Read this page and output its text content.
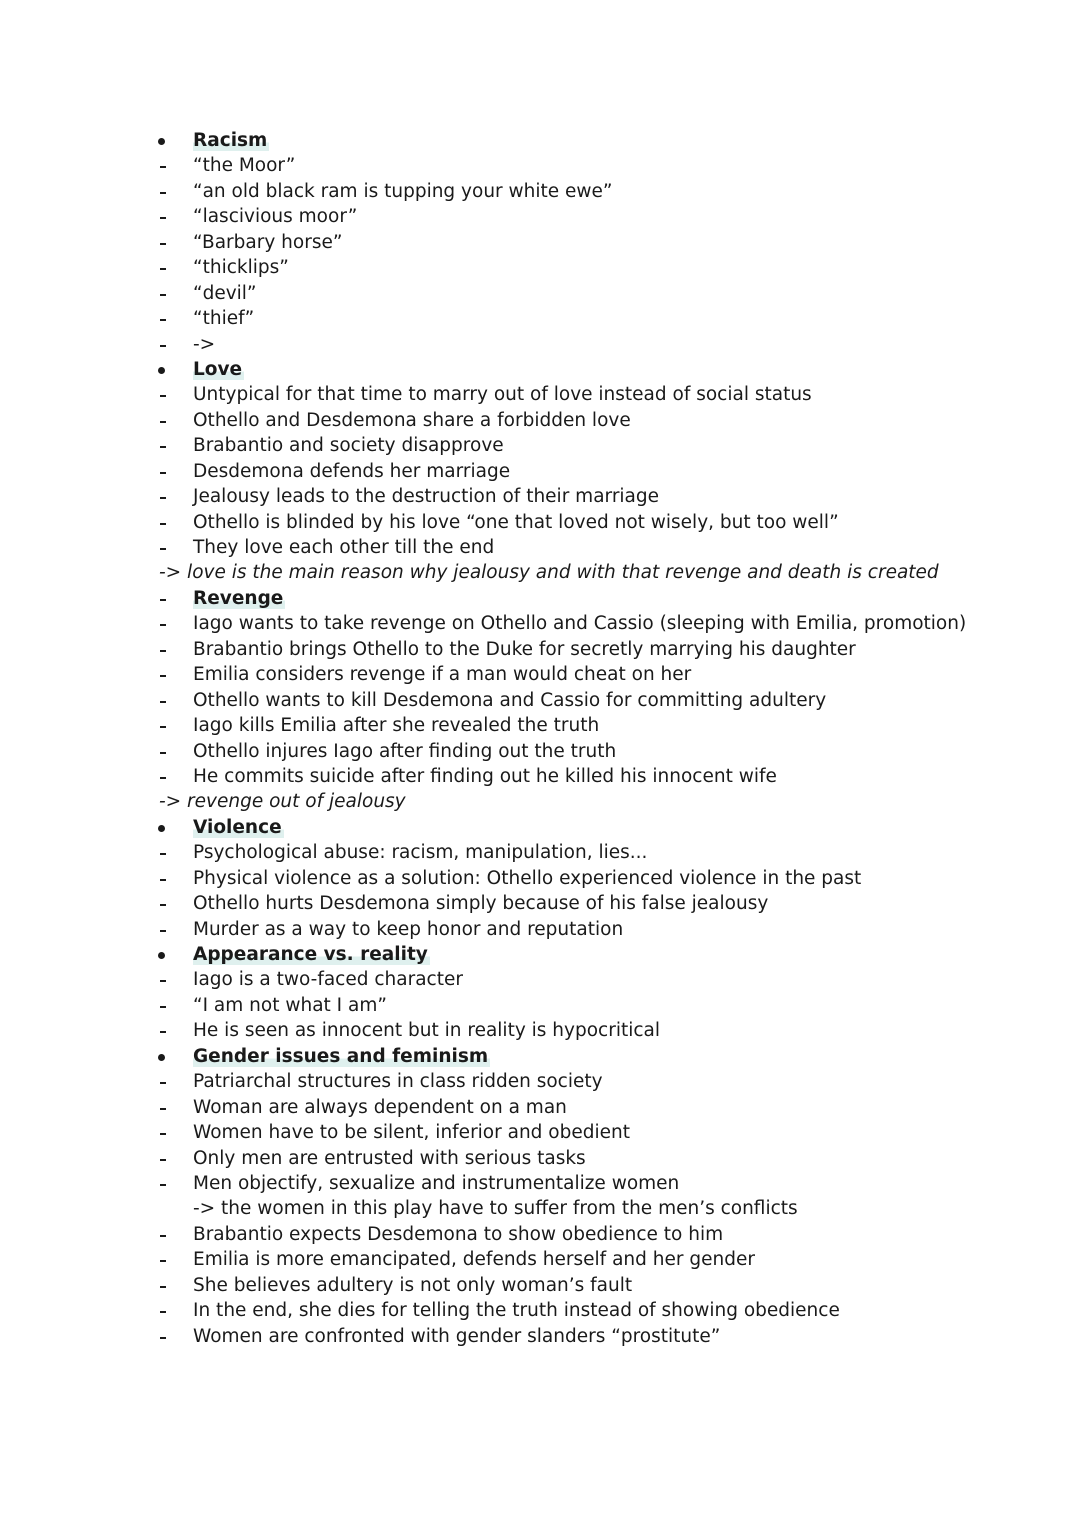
Racism
“the Moor”
“an old black ram is tupping your white ewe”
“lascivious moor”
“Barbary horse”
“thicklips”
“devil”
“thief”
->
Love
Untypical for that time to marry out of love instead of social status
Othello and Desdemona share a forbidden love
Brabantio and society disapprove
Desdemona defends her marriage
Jealousy leads to the destruction of their marriage
Othello is blinded by his love “one that loved not wisely, but too well”
They love each other till the end
-> love is the main reason why jealousy and with that revenge and death is created
Revenge
Iago wants to take revenge on Othello and Cassio (sleeping with Emilia, promotion)
Brabantio brings Othello to the Duke for secretly marrying his daughter
Emilia considers revenge if a man would cheat on her
Othello wants to kill Desdemona and Cassio for committing adultery
Iago kills Emilia after she revealed the truth
Othello injures Iago after finding out the truth
He commits suicide after finding out he killed his innocent wife
-> revenge out of jealousy
Violence
Psychological abuse: racism, manipulation, lies...
Physical violence as a solution: Othello experienced violence in the past
Othello hurts Desdemona simply because of his false jealousy
Murder as a way to keep honor and reputation
Appearance vs. reality
Iago is a two-faced character
“I am not what I am”
He is seen as innocent but in reality is hypocritical
Gender issues and feminism
Patriarchal structures in class ridden society
Woman are always dependent on a man
Women have to be silent, inferior and obedient
Only men are entrusted with serious tasks
Men objectify, sexualize and instrumentalize women
-> the women in this play have to suffer from the men’s conflicts
Brabantio expects Desdemona to show obedience to him
Emilia is more emancipated, defends herself and her gender
She believes adultery is not only woman’s fault
In the end, she dies for telling the truth instead of showing obedience
Women are confronted with gender slanders “prostitute”
